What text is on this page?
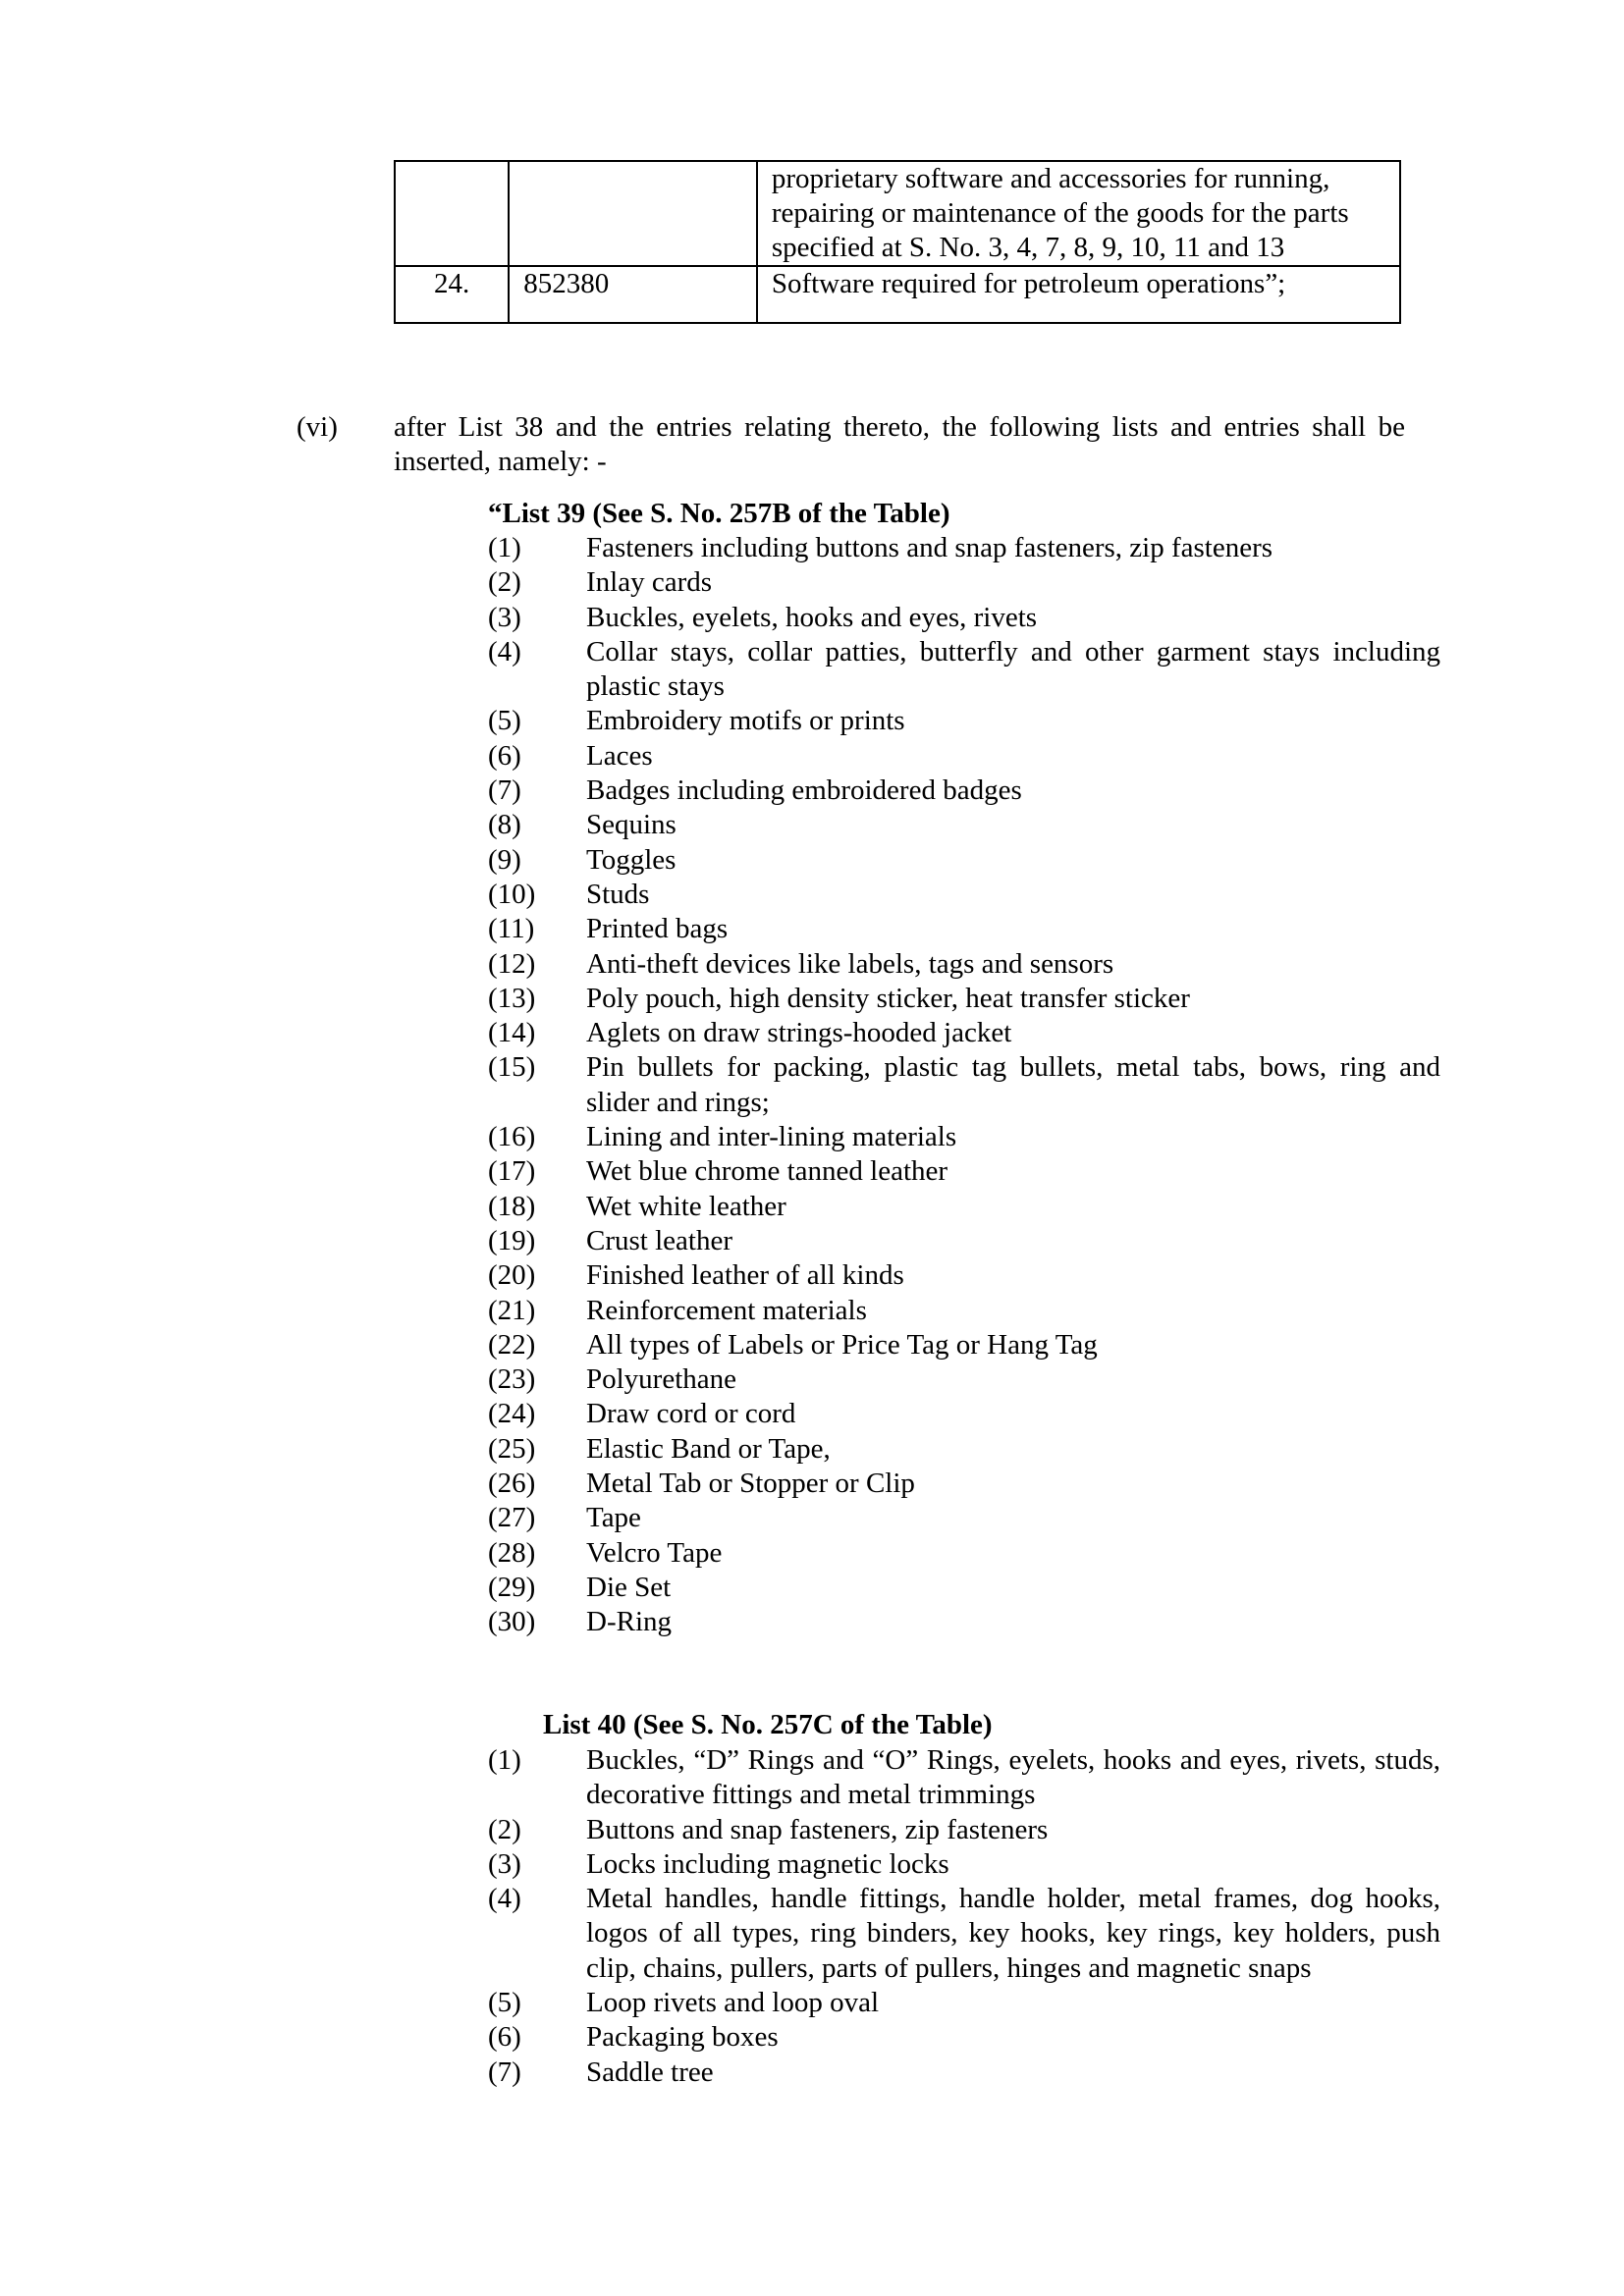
		proprietary software and accessories for running,
repairing or maintenance of the goods for the parts
specified at S. No. 3, 4, 7, 8, 9, 10, 11 and 13

24.	852380	Software required for petroleum operations”;
(vi) after List 38 and the entries relating thereto, the following lists and entries shall be inserted, namely: -
“List 39 (See S. No. 257B of the Table)
(1)	Fasteners including buttons and snap fasteners, zip fasteners
(2)	Inlay cards
(3)	Buckles, eyelets, hooks and eyes, rivets
(4)	Collar stays, collar patties, butterfly and other garment stays including plastic stays
(5)	Embroidery motifs or prints
(6)	Laces
(7)	Badges including embroidered badges
(8)	Sequins
(9)	Toggles
(10)	Studs
(11)	Printed bags
(12)	Anti-theft devices like labels, tags and sensors
(13)	Poly pouch, high density sticker, heat transfer sticker
(14)	Aglets on draw strings-hooded jacket
(15)	Pin bullets for packing, plastic tag bullets, metal tabs, bows, ring and slider and rings;
(16)	Lining and inter-lining materials
(17)	Wet blue chrome tanned leather
(18)	Wet white leather
(19)	Crust leather
(20)	Finished leather of all kinds
(21)	Reinforcement materials
(22)	All types of Labels or Price Tag or Hang Tag
(23)	Polyurethane
(24)	Draw cord or cord
(25)	Elastic Band or Tape,
(26)	Metal Tab or Stopper or Clip
(27)	Tape
(28)	Velcro Tape
(29)	Die Set
(30)	D-Ring
List 40 (See S. No. 257C of the Table)
(1)	Buckles, “D” Rings and “O” Rings, eyelets, hooks and eyes, rivets, studs, decorative fittings and metal trimmings
(2)	Buttons and snap fasteners, zip fasteners
(3)	Locks including magnetic locks
(4)	Metal handles, handle fittings, handle holder, metal frames, dog hooks, logos of all types, ring binders, key hooks, key rings, key holders, push clip, chains, pullers, parts of pullers, hinges and magnetic snaps
(5)	Loop rivets and loop oval
(6)	Packaging boxes
(7)	Saddle tree
